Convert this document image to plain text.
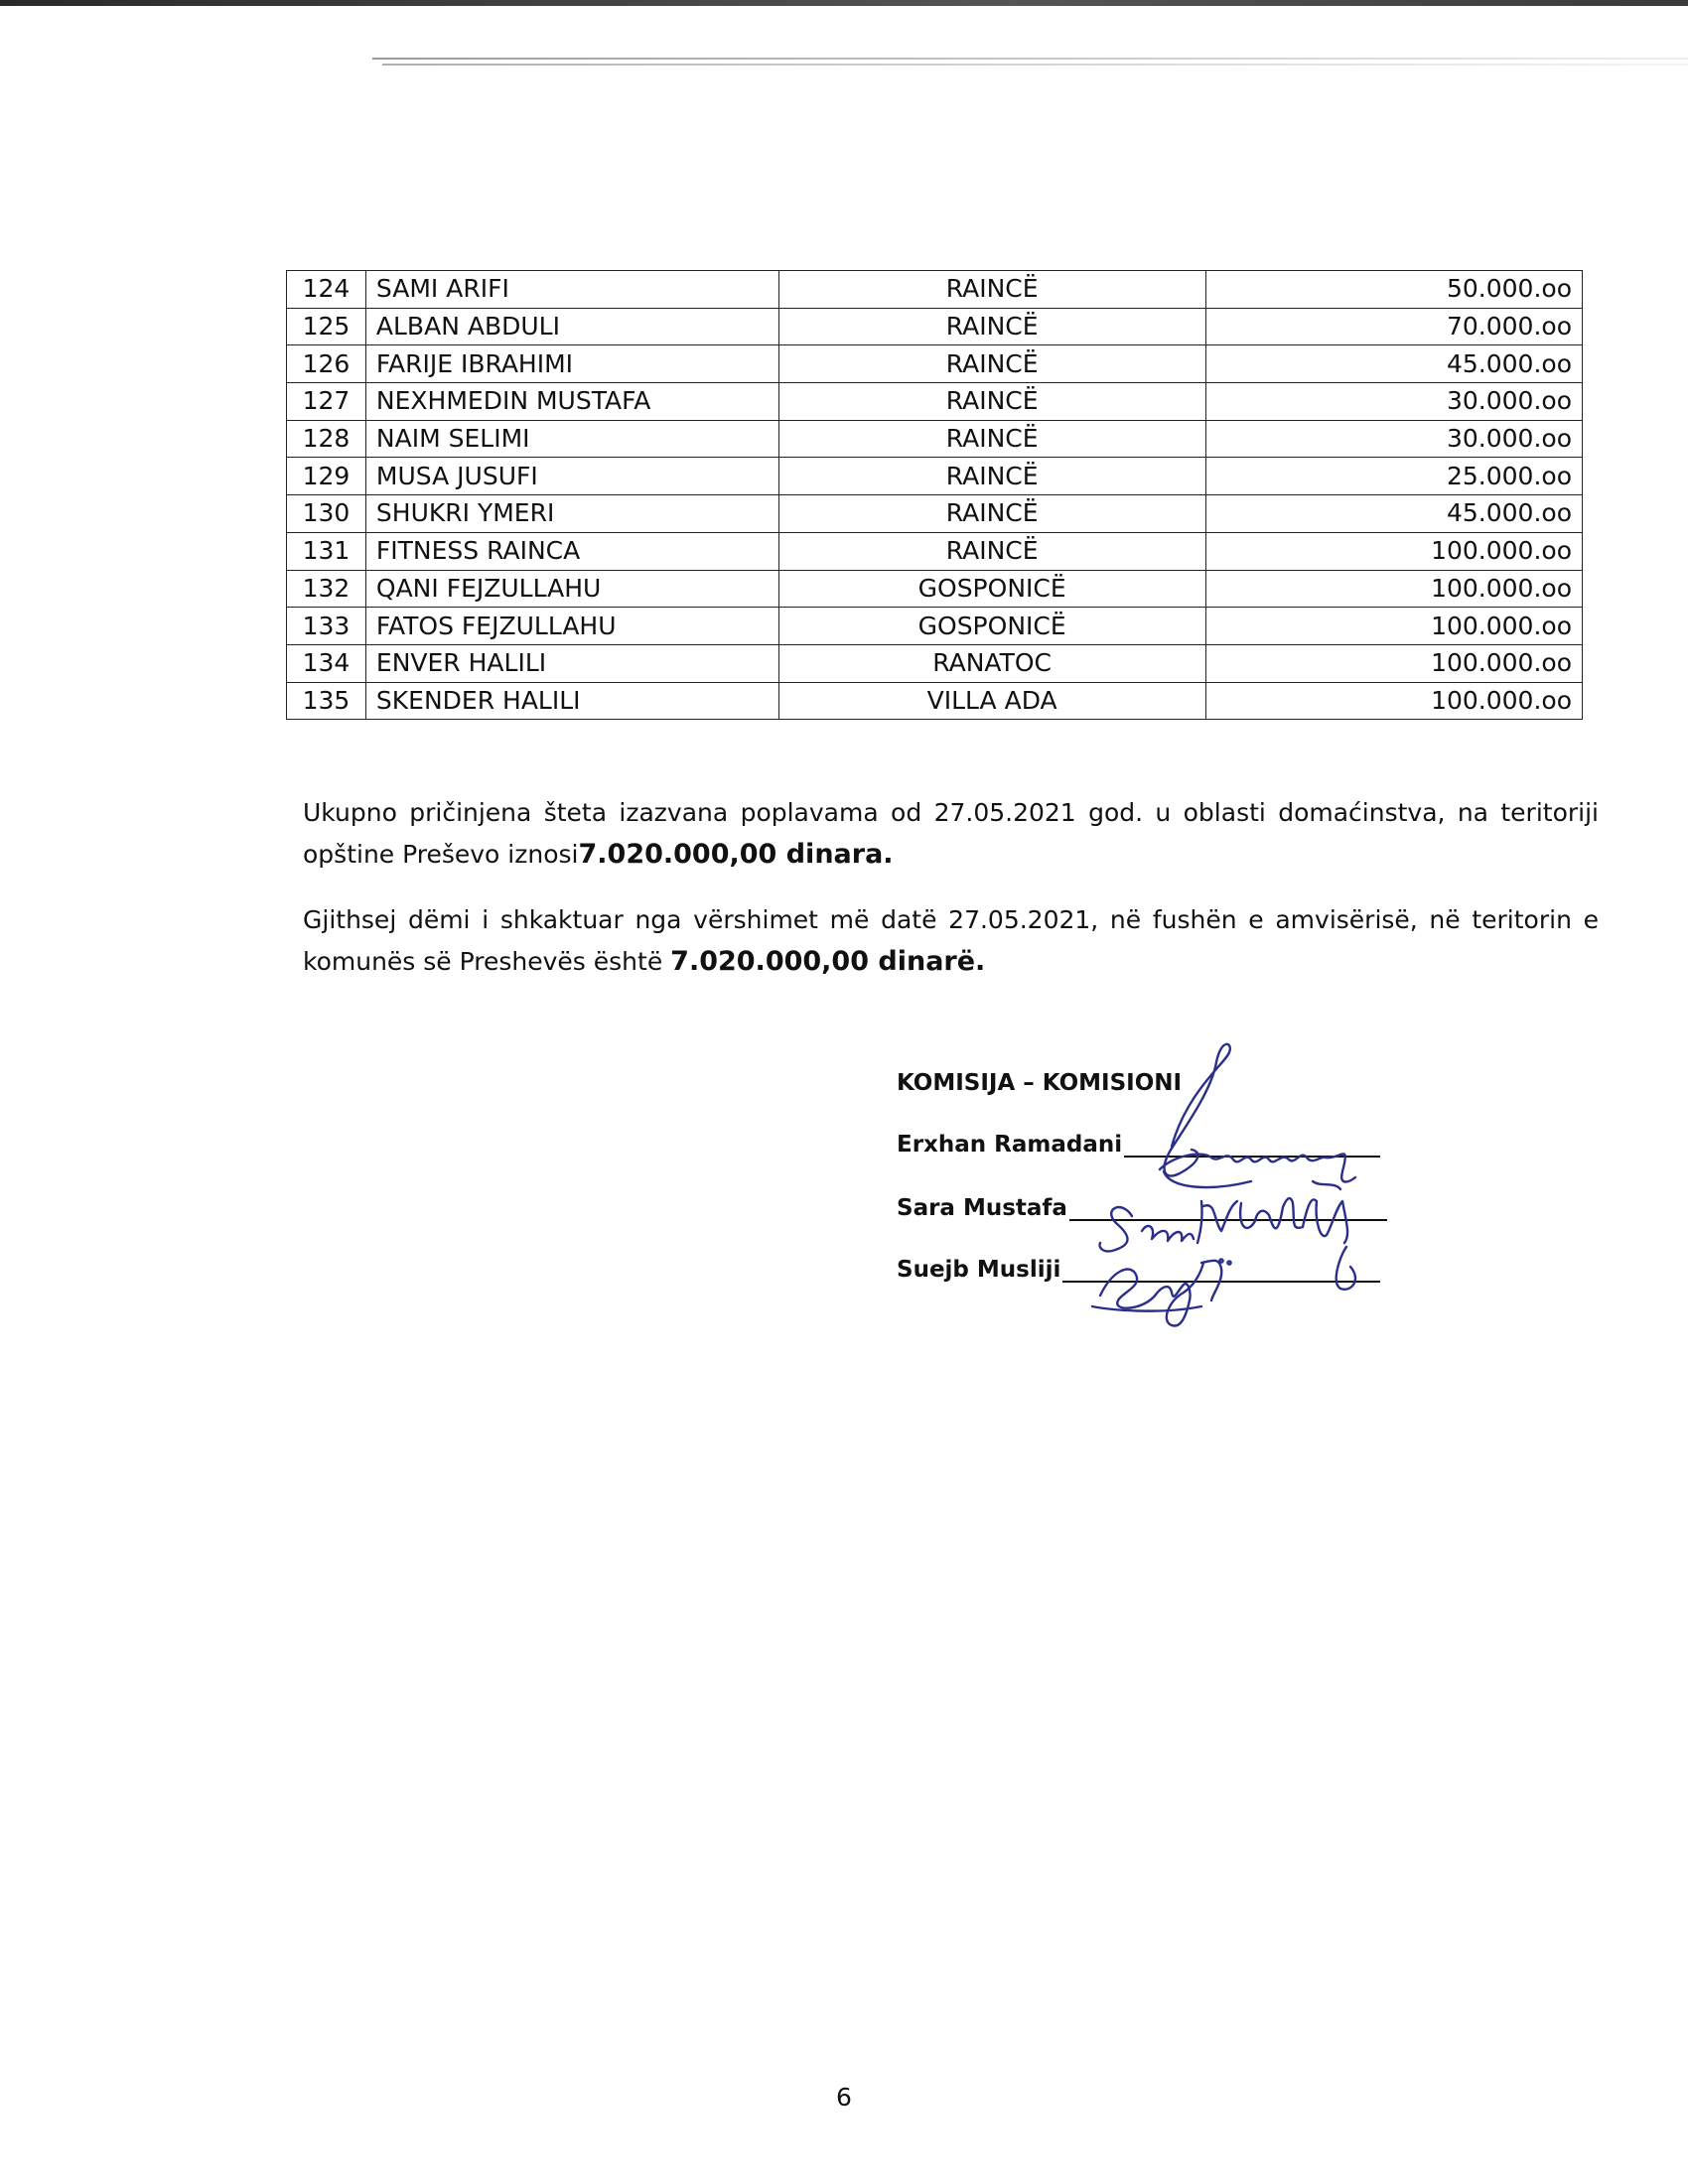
124	SAMI ARIFI	RAINCË	50.000.oo
125	ALBAN ABDULI	RAINCË	70.000.oo
126	FARIJE IBRAHIMI	RAINCË	45.000.oo
127	NEXHMEDIN MUSTAFA	RAINCË	30.000.oo
128	NAIM SELIMI	RAINCË	30.000.oo
129	MUSA JUSUFI	RAINCË	25.000.oo
130	SHUKRI YMERI	RAINCË	45.000.oo
131	FITNESS RAINCA	RAINCË	100.000.oo
132	QANI FEJZULLAHU	GOSPONICË	100.000.oo
133	FATOS FEJZULLAHU	GOSPONICË	100.000.oo
134	ENVER HALILI	RANATOC	100.000.oo
135	SKENDER HALILI	VILLA ADA	100.000.oo
Ukupno pričinjena šteta izazvana poplavama od 27.05.2021 god. u oblasti domaćinstva, na teritoriji opštine Preševo iznosi7.020.000,00 dinara.
Gjithsej dëmi i shkaktuar nga vërshimet më datë 27.05.2021, në fushën e amvisërisë, në teritorin e komunës së Preshevës është 7.020.000,00 dinarë.
KOMISIJA – KOMISIONI
Erxhan Ramadani
Sara Mustafa
Suejb Musliji
6
